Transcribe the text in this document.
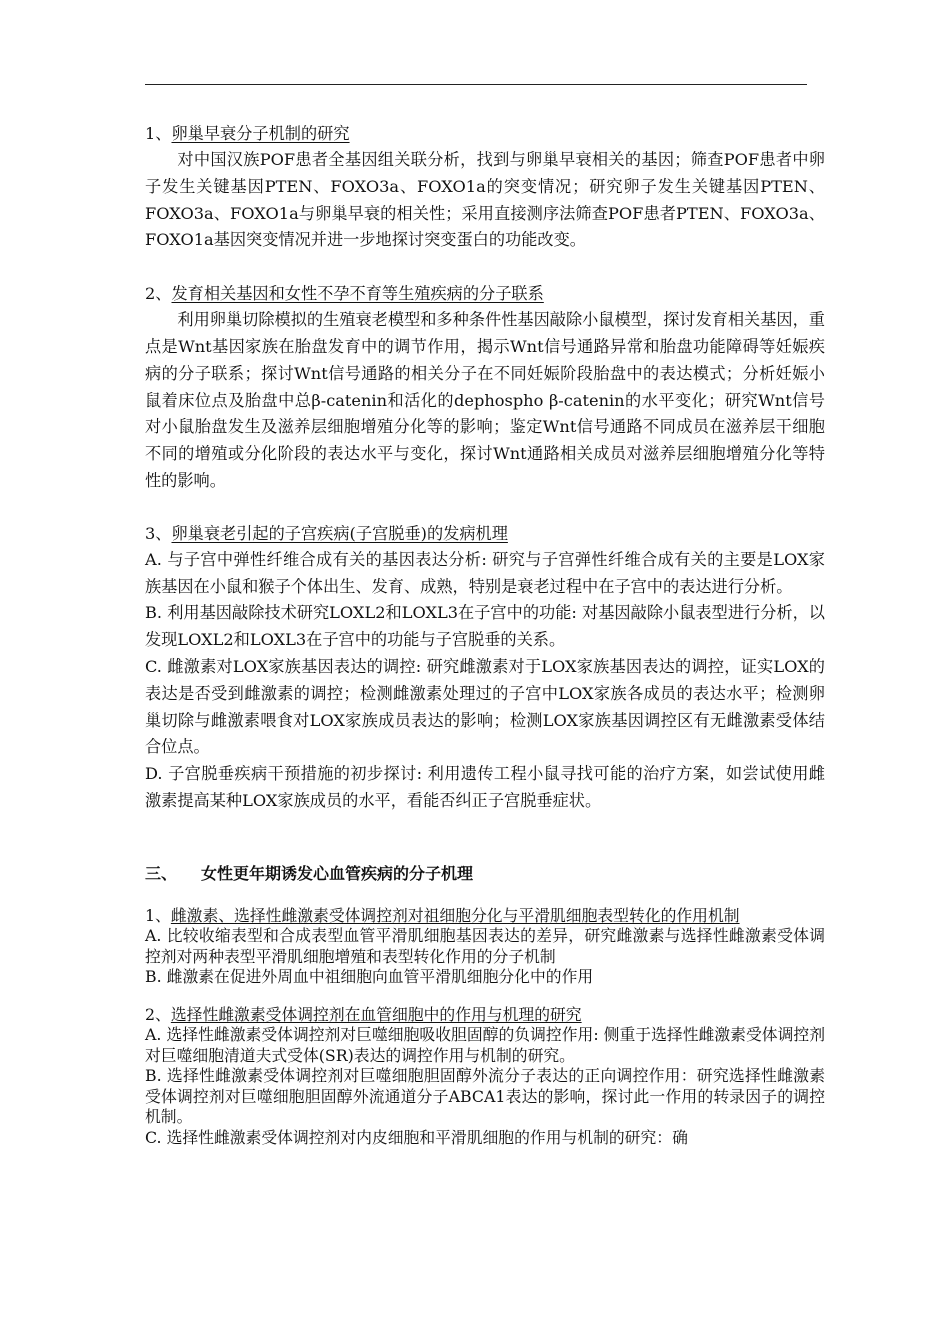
1、卵巢早衰分子机制的研究

对中国汉族POF患者全基因组关联分析，找到与卵巢早衰相关的基因；筛查POF患者中卵子发生关键基因PTEN、FOXO3a、FOXO1a的突变情况；研究卵子发生关键基因PTEN、FOXO3a、FOXO1a与卵巢早衰的相关性；采用直接测序法筛查POF患者PTEN、FOXO3a、FOXO1a基因突变情况并进一步地探讨突变蛋白的功能改变。

2、发育相关基因和女性不孕不育等生殖疾病的分子联系

利用卵巢切除模拟的生殖衰老模型和多种条件性基因敲除小鼠模型，探讨发育相关基因，重点是Wnt基因家族在胎盘发育中的调节作用，揭示Wnt信号通路异常和胎盘功能障碍等妊娠疾病的分子联系；探讨Wnt信号通路的相关分子在不同妊娠阶段胎盘中的表达模式；分析妊娠小鼠着床位点及胎盘中总β-catenin和活化的dephospho β-catenin的水平变化；研究Wnt信号对小鼠胎盘发生及滋养层细胞增殖分化等的影响；鉴定Wnt信号通路不同成员在滋养层干细胞不同的增殖或分化阶段的表达水平与变化，探讨Wnt通路相关成员对滋养层细胞增殖分化等特性的影响。

3、卵巢衰老引起的子宫疾病(子宫脱垂)的发病机理

A. 与子宫中弹性纤维合成有关的基因表达分析: 研究与子宫弹性纤维合成有关的主要是LOX家族基因在小鼠和猴子个体出生、发育、成熟，特别是衰老过程中在子宫中的表达进行分析。

B. 利用基因敲除技术研究LOXL2和LOXL3在子宫中的功能: 对基因敲除小鼠表型进行分析，以发现LOXL2和LOXL3在子宫中的功能与子宫脱垂的关系。

C. 雌激素对LOX家族基因表达的调控: 研究雌激素对于LOX家族基因表达的调控，证实LOX的表达是否受到雌激素的调控；检测雌激素处理过的子宫中LOX家族各成员的表达水平；检测卵巢切除与雌激素喂食对LOX家族成员表达的影响；检测LOX家族基因调控区有无雌激素受体结合位点。

D. 子宫脱垂疾病干预措施的初步探讨: 利用遗传工程小鼠寻找可能的治疗方案，如尝试使用雌激素提高某种LOX家族成员的水平，看能否纠正子宫脱垂症状。

三、 女性更年期诱发心血管疾病的分子机理

1、雌激素、选择性雌激素受体调控剂对祖细胞分化与平滑肌细胞表型转化的作用机制

A. 比较收缩表型和合成表型血管平滑肌细胞基因表达的差异，研究雌激素与选择性雌激素受体调控剂对两种表型平滑肌细胞增殖和表型转化作用的分子机制

B. 雌激素在促进外周血中祖细胞向血管平滑肌细胞分化中的作用

2、选择性雌激素受体调控剂在血管细胞中的作用与机理的研究

A. 选择性雌激素受体调控剂对巨噬细胞吸收胆固醇的负调控作用: 侧重于选择性雌激素受体调控剂对巨噬细胞清道夫式受体(SR)表达的调控作用与机制的研究。

B. 选择性雌激素受体调控剂对巨噬细胞胆固醇外流分子表达的正向调控作用：研究选择性雌激素受体调控剂对巨噬细胞胆固醇外流通道分子ABCA1表达的影响，探讨此一作用的转录因子的调控机制。

C. 选择性雌激素受体调控剂对内皮细胞和平滑肌细胞的作用与机制的研究：确
